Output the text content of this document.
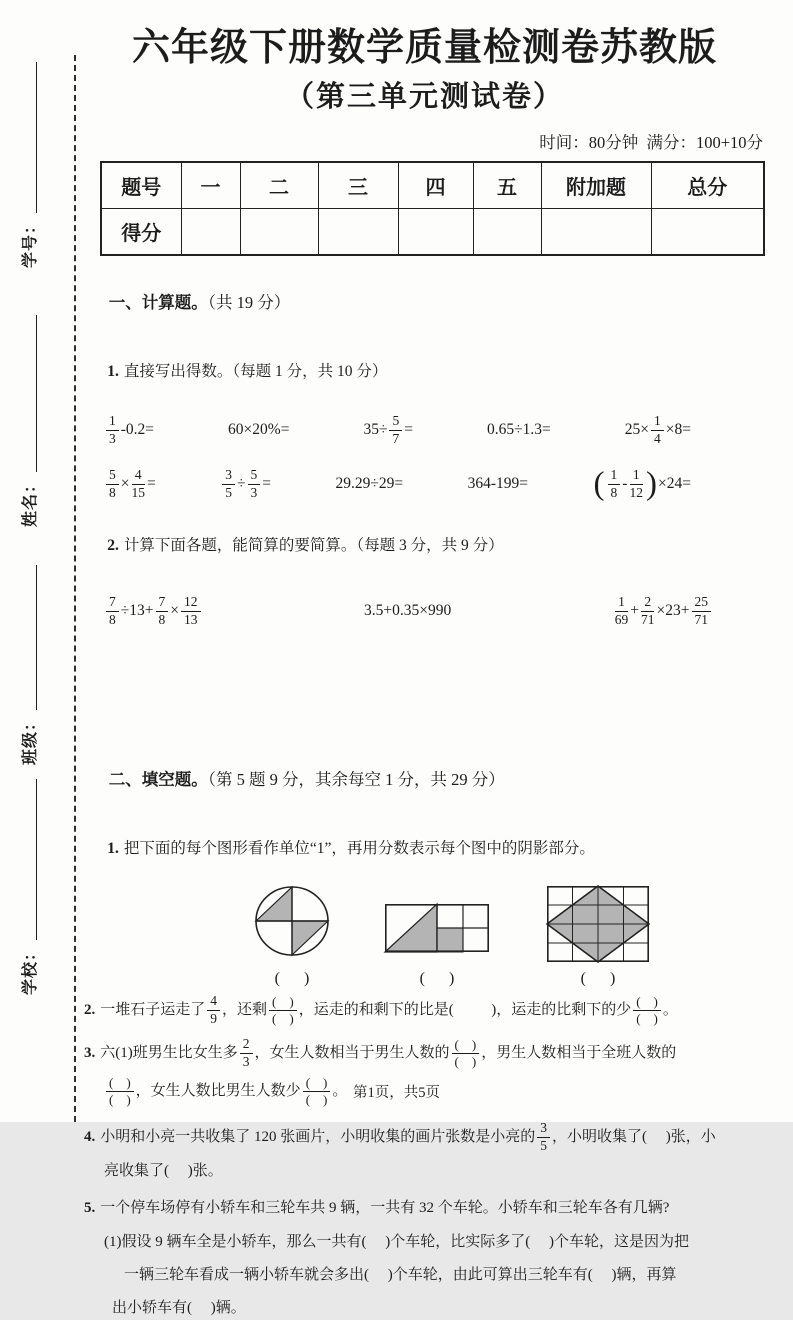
学号：
姓名：
班级：
学校：
六年级下册数学质量检测卷苏教版
（第三单元测试卷）
时间：80分钟  满分：100+10分
题号	一	二	三	四	五	附加题	总分
得分							

一、计算题。（共 19 分）

1. 直接写出得数。（每题 1 分，共 10 分）

$\frac{1}{3} -0.2=$	60×20%=	$35\div \frac{5}{7}$ =	0.65÷1.3=	$25\times \frac{1}{4} \times 8=$
$\frac{5}{8} \times \frac{4}{15}$ =	$\frac{3}{5} \div \frac{5}{3}$ =	29.29÷29=	364-199= ( $\frac{1}{8} - \frac{1}{12} )\times 24=$

2. 计算下面各题，能简算的要简算。（每题 3 分，共 9 分）

$\frac{7}{8} \div 13+ \frac{7}{8} \times \frac{12}{13}$	3.5+0.35×990	$\frac{1}{69} + \frac{2}{71} \times 23+ \frac{25}{71}$

二、填空题。（第 5 题 9 分，其余每空 1 分，共 29 分）

1. 把下面的每个图形看作单位“1”，再用分数表示每个图中的阴影部分。

(      )	(      )	(      )
2. 一堆石子运走了 $\frac{4}{9}$ ，还剩 $\frac{( )}{( )}$ ，运走的和剩下的比是(          )，运走的比剩下的少 $\frac{( )}{( )}$ 。
3. 六(1)班男生比女生多 $\frac{2}{3}$ ，女生人数相当于男生人数的 $\frac{( )}{( )}$ ，男生人数相当于全班人数的
$\frac{( )}{( )}$ ，女生人数比男生人数少 $\frac{( )}{( )}$ 。
4. 小明和小亮一共收集了 120 张画片，小明收集的画片张数是小亮的 $\frac{3}{5}$ ，小明收集了(     )张，小
亮收集了(     )张。
5. 一个停车场停有小轿车和三轮车共 9 辆，一共有 32 个车轮。小轿车和三轮车各有几辆?
(1)假设 9 辆车全是小轿车，那么一共有(     )个车轮，比实际多了(     )个车轮，这是因为把
一辆三轮车看成一辆小轿车就会多出(     )个车轮，由此可算出三轮车有(     )辆，再算
出小轿车有(     )辆。
第1页，共5页
